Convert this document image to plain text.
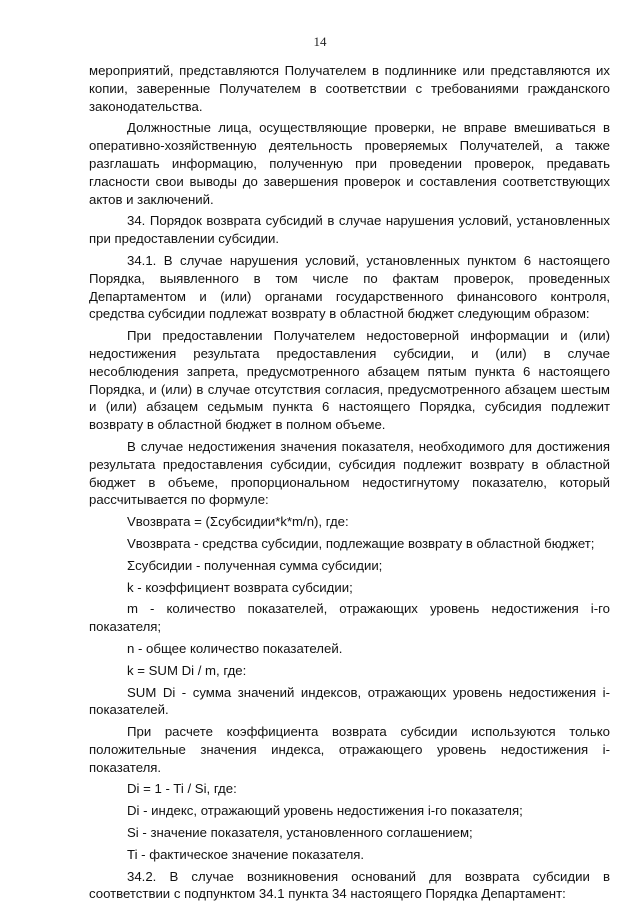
14

мероприятий, представляются Получателем в подлиннике или представляются их копии, заверенные Получателем в соответствии с требованиями гражданского законодательства.

Должностные лица, осуществляющие проверки, не вправе вмешиваться в оперативно-хозяйственную деятельность проверяемых Получателей, а также разглашать информацию, полученную при проведении проверок, предавать гласности свои выводы до завершения проверок и составления соответствующих актов и заключений.

34. Порядок возврата субсидий в случае нарушения условий, установленных при предоставлении субсидии.

34.1. В случае нарушения условий, установленных пунктом 6 настоящего Порядка, выявленного в том числе по фактам проверок, проведенных Департаментом и (или) органами государственного финансового контроля, средства субсидии подлежат возврату в областной бюджет следующим образом:

При предоставлении Получателем недостоверной информации и (или) недостижения результата предоставления субсидии, и (или) в случае несоблюдения запрета, предусмотренного абзацем пятым пункта 6 настоящего Порядка, и (или) в случае отсутствия согласия, предусмотренного абзацем шестым и (или) абзацем седьмым пункта 6 настоящего Порядка, субсидия подлежит возврату в областной бюджет в полном объеме.

В случае недостижения значения показателя, необходимого для достижения результата предоставления субсидии, субсидия подлежит возврату в областной бюджет в объеме, пропорциональном недостигнутому показателю, который рассчитывается по формуле:

Vвозврата = (Σсубсидии*k*m/n), где:

Vвозврата - средства субсидии, подлежащие возврату в областной бюджет;

Σсубсидии - полученная сумма субсидии;

k - коэффициент возврата субсидии;

m - количество показателей, отражающих уровень недостижения i-го показателя;

n - общее количество показателей.

k = SUM Di / m, где:

SUM Di - сумма значений индексов, отражающих уровень недостижения i-показателей.

При расчете коэффициента возврата субсидии используются только положительные значения индекса, отражающего уровень недостижения i-показателя.

Di = 1 - Ti / Si, где:

Di - индекс, отражающий уровень недостижения i-го показателя;

Si - значение показателя, установленного соглашением;

Ti - фактическое значение показателя.

34.2. В случае возникновения оснований для возврата субсидии в соответствии с подпунктом 34.1 пункта 34 настоящего Порядка Департамент:
